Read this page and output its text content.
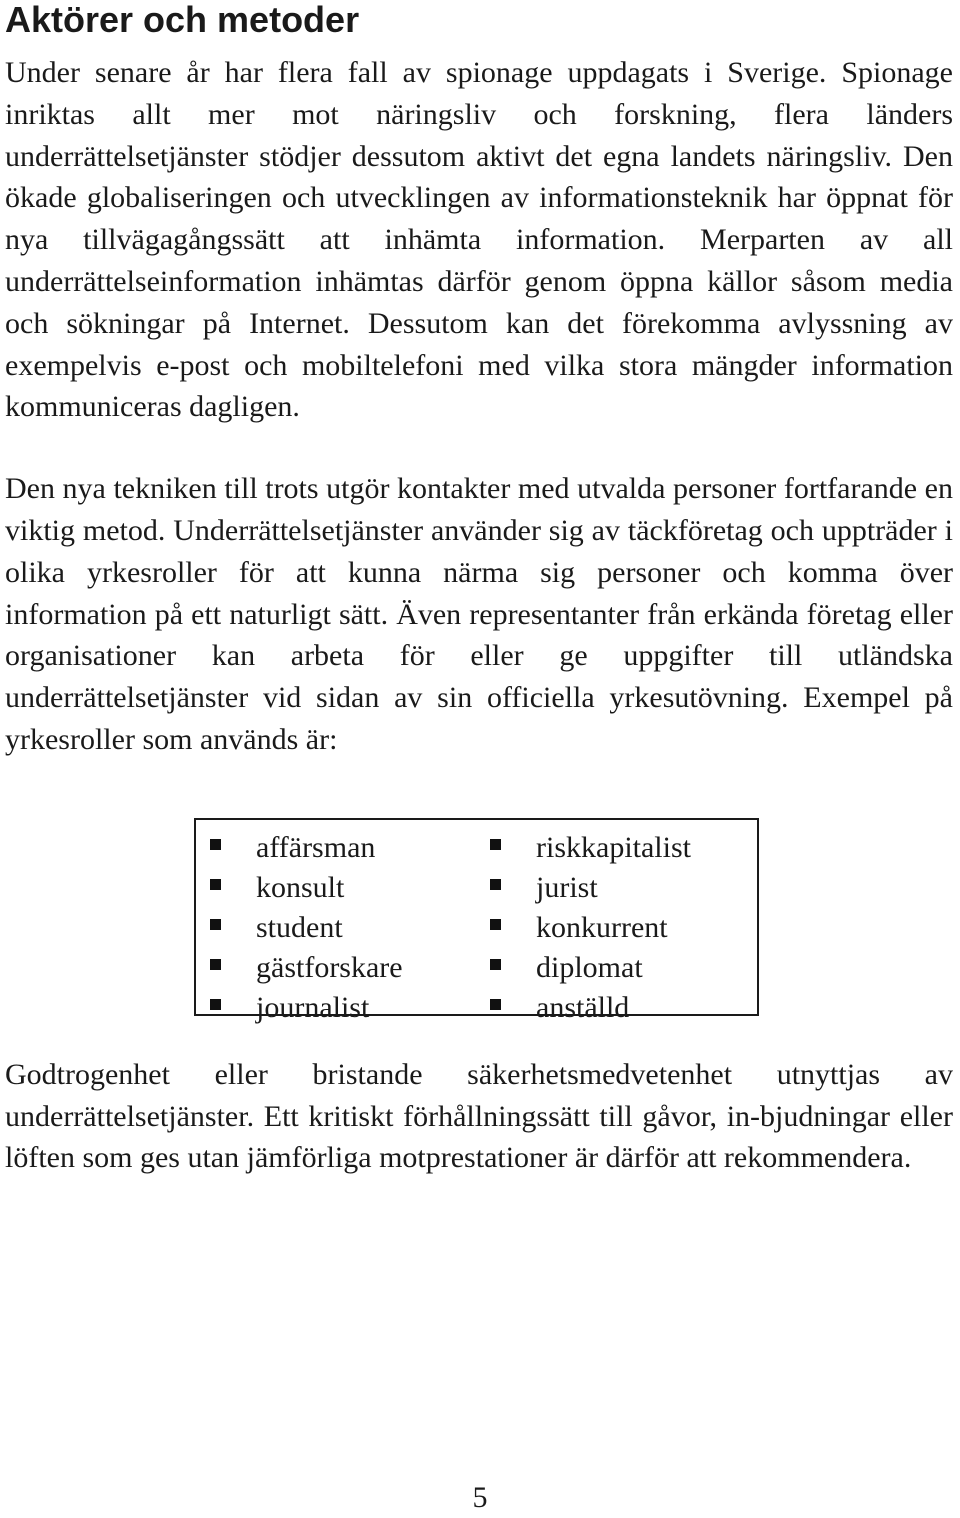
Aktörer och metoder

Under senare år har flera fall av spionage uppdagats i Sverige. Spionage inriktas allt mer mot näringsliv och forskning, flera länders underrättelsetjänster stödjer dessutom aktivt det egna landets näringsliv. Den ökade globaliseringen och utvecklingen av informationsteknik har öppnat för nya tillvägagångssätt att inhämta information. Merparten av all underrättelseinformation inhämtas därför genom öppna källor såsom media och sökningar på Internet. Dessutom kan det förekomma avlyssning av exempelvis e-post och mobiltelefoni med vilka stora mängder information kommuniceras dagligen.

Den nya tekniken till trots utgör kontakter med utvalda personer fortfarande en viktig metod. Underrättelsetjänster använder sig av täckföretag och uppträder i olika yrkesroller för att kunna närma sig personer och komma över information på ett naturligt sätt. Även representanter från erkända företag eller organisationer kan arbeta för eller ge uppgifter till utländska underrättelsetjänster vid sidan av sin officiella yrkesutövning. Exempel på yrkesroller som används är:

affärsman
konsult
student
gästforskare
journalist
riskkapitalist
jurist
konkurrent
diplomat
anställd

Godtrogenhet eller bristande säkerhetsmedvetenhet utnyttjas av underrättelsetjänster. Ett kritiskt förhållningssätt till gåvor, in-bjudningar eller löften som ges utan jämförliga motprestationer är därför att rekommendera.

5
